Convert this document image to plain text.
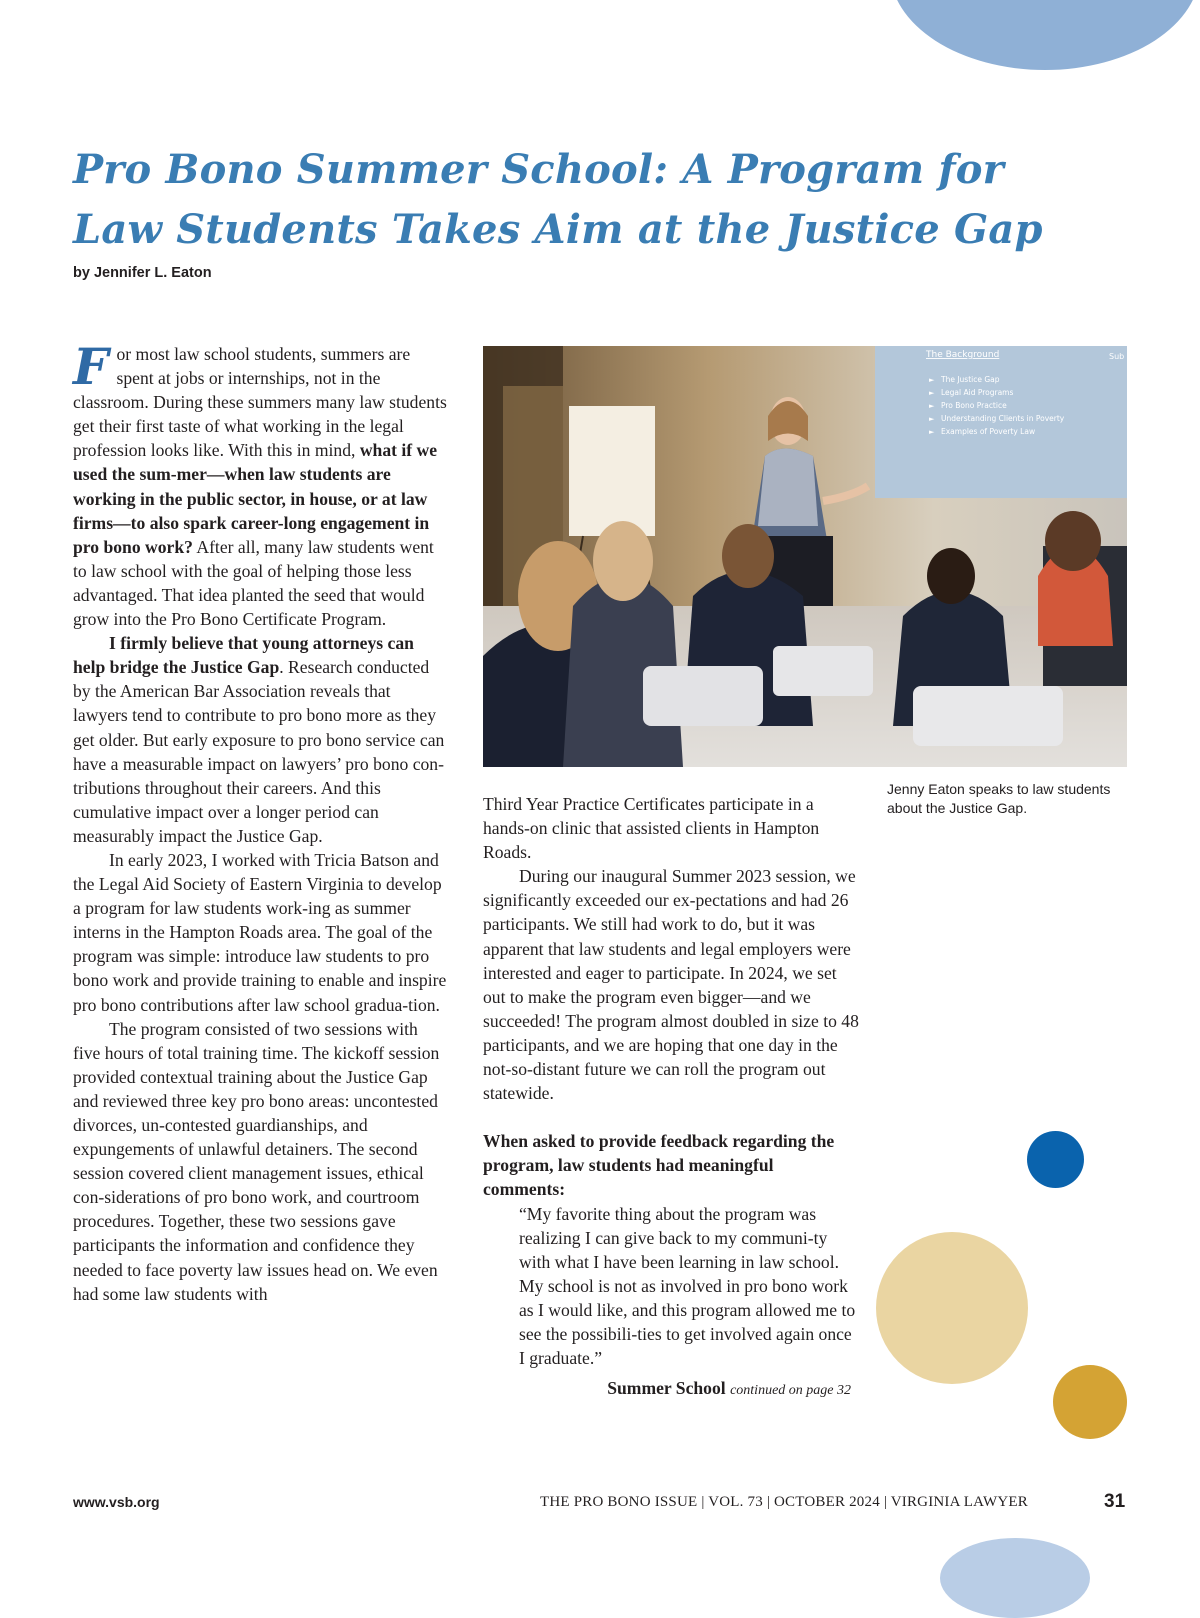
Pro Bono Summer School: A Program for Law Students Takes Aim at the Justice Gap

by Jennifer L. Eaton

For most law school students, summers are spent at jobs or internships, not in the classroom. During these summers many law students get their first taste of what working in the legal profession looks like. With this in mind, what if we used the sum-mer—when law students are working in the public sector, in house, or at law firms—to also spark career-long engagement in pro bono work? After all, many law students went to law school with the goal of helping those less advantaged. That idea planted the seed that would grow into the Pro Bono Certificate Program.

I firmly believe that young attorneys can help bridge the Justice Gap. Research conducted by the American Bar Association reveals that lawyers tend to contribute to pro bono more as they get older. But early exposure to pro bono service can have a measurable impact on lawyers’ pro bono con-tributions throughout their careers. And this cumulative impact over a longer period can measurably impact the Justice Gap.

In early 2023, I worked with Tricia Batson and the Legal Aid Society of Eastern Virginia to develop a program for law students work-ing as summer interns in the Hampton Roads area. The goal of the program was simple: introduce law students to pro bono work and provide training to enable and inspire pro bono contributions after law school gradua-tion.

The program consisted of two sessions with five hours of total training time. The kickoff session provided contextual training about the Justice Gap and reviewed three key pro bono areas: uncontested divorces, un-contested guardianships, and expungements of unlawful detainers. The second session covered client management issues, ethical con-siderations of pro bono work, and courtroom procedures. Together, these two sessions gave participants the information and confidence they needed to face poverty law issues head on. We even had some law students with

The Background	Sub
The Justice Gap
Legal Aid Programs
Pro Bono Practice
Understanding Clients in Poverty
Examples of Poverty Law
►
►
►
►
►
Jenny Eaton speaks to law students about the Justice Gap.

Third Year Practice Certificates participate in a hands-on clinic that assisted clients in Hampton Roads.

During our inaugural Summer 2023 session, we significantly exceeded our ex-pectations and had 26 participants. We still had work to do, but it was apparent that law students and legal employers were interested and eager to participate. In 2024, we set out to make the program even bigger—and we succeeded! The program almost doubled in size to 48 participants, and we are hoping that one day in the not-so-distant future we can roll the program out statewide.

When asked to provide feedback regarding the program, law students had meaningful comments:

“My favorite thing about the program was realizing I can give back to my communi-ty with what I have been learning in law school. My school is not as involved in pro bono work as I would like, and this program allowed me to see the possibili-ties to get involved again once I graduate.”

Summer School continued on page 32

www.vsb.org	THE PRO BONO ISSUE | VOL. 73 | OCTOBER 2024 | VIRGINIA LAWYER	31
